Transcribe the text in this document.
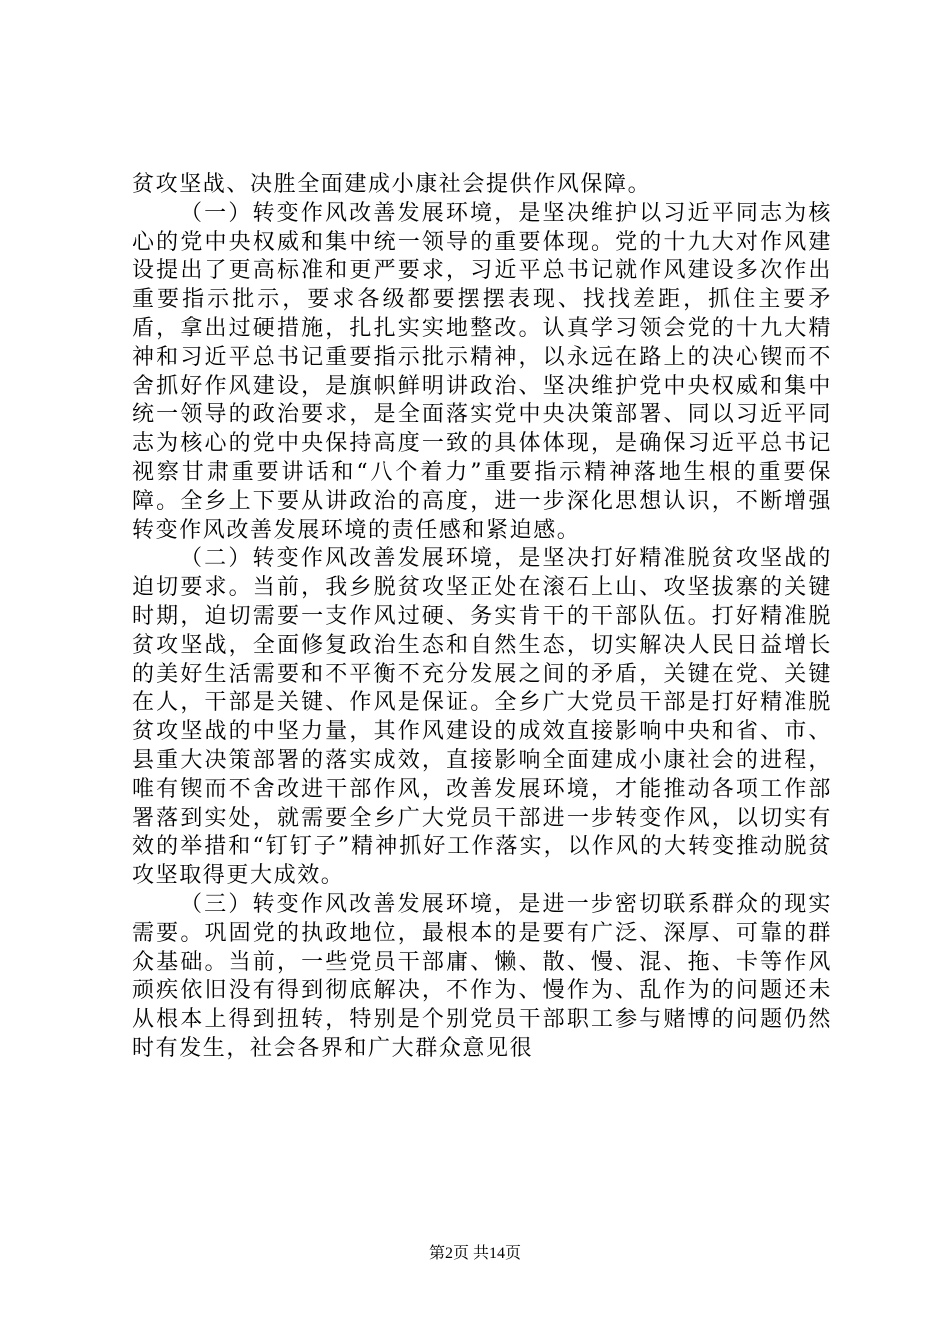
贫攻坚战、决胜全面建成小康社会提供作风保障。

（一）转变作风改善发展环境，是坚决维护以习近平同志为核心的党中央权威和集中统一领导的重要体现。党的十九大对作风建设提出了更高标准和更严要求，习近平总书记就作风建设多次作出重要指示批示，要求各级都要摆摆表现、找找差距，抓住主要矛盾，拿出过硬措施，扎扎实实地整改。认真学习领会党的十九大精神和习近平总书记重要指示批示精神，以永远在路上的决心锲而不舍抓好作风建设，是旗帜鲜明讲政治、坚决维护党中央权威和集中统一领导的政治要求，是全面落实党中央决策部署、同以习近平同志为核心的党中央保持高度一致的具体体现，是确保习近平总书记视察甘肃重要讲话和“八个着力”重要指示精神落地生根的重要保障。全乡上下要从讲政治的高度，进一步深化思想认识，不断增强转变作风改善发展环境的责任感和紧迫感。

（二）转变作风改善发展环境，是坚决打好精准脱贫攻坚战的迫切要求。当前，我乡脱贫攻坚正处在滚石上山、攻坚拔寨的关键时期，迫切需要一支作风过硬、务实肯干的干部队伍。打好精准脱贫攻坚战，全面修复政治生态和自然生态，切实解决人民日益增长的美好生活需要和不平衡不充分发展之间的矛盾，关键在党、关键在人，干部是关键、作风是保证。全乡广大党员干部是打好精准脱贫攻坚战的中坚力量，其作风建设的成效直接影响中央和省、市、县重大决策部署的落实成效，直接影响全面建成小康社会的进程，唯有锲而不舍改进干部作风，改善发展环境，才能推动各项工作部署落到实处，就需要全乡广大党员干部进一步转变作风，以切实有效的举措和“钉钉子”精神抓好工作落实，以作风的大转变推动脱贫攻坚取得更大成效。

（三）转变作风改善发展环境，是进一步密切联系群众的现实需要。巩固党的执政地位，最根本的是要有广泛、深厚、可靠的群众基础。当前，一些党员干部庸、懒、散、慢、混、拖、卡等作风顽疾依旧没有得到彻底解决，不作为、慢作为、乱作为的问题还未从根本上得到扭转，特别是个别党员干部职工参与赌博的问题仍然时有发生，社会各界和广大群众意见很

第2页 共14页
